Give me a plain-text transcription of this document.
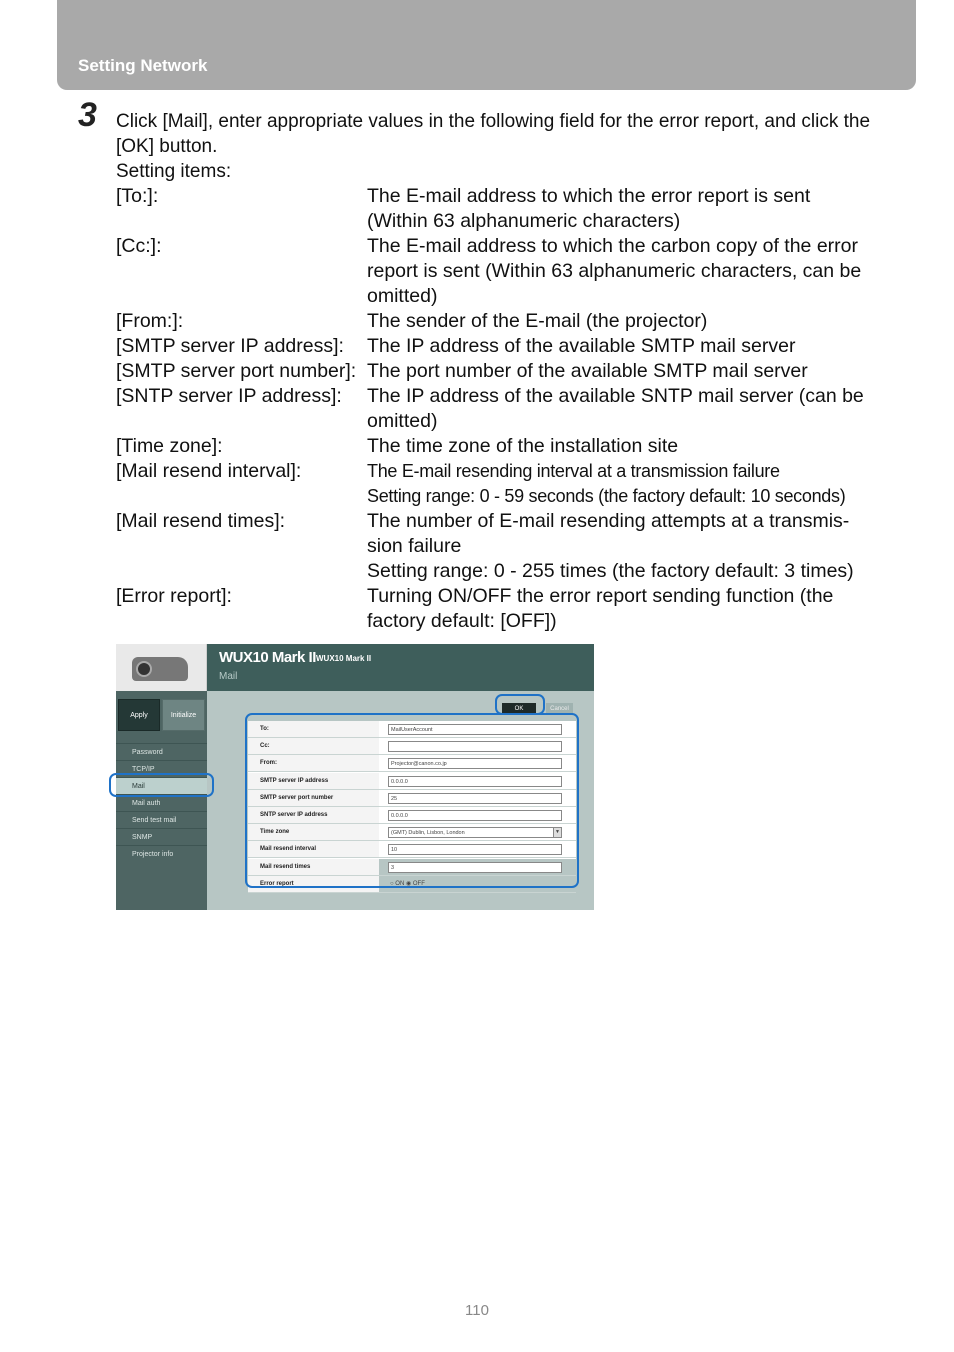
Setting Network
3 Click [Mail], enter appropriate values in the following field for the error report, and click the [OK] button.
Setting items:
[To:]:	The E-mail address to which the error report is sent
(Within 63 alphanumeric characters)
[Cc:]:	The E-mail address to which the carbon copy of the error
report is sent (Within 63 alphanumeric characters, can be
omitted)
[From:]:	The sender of the E-mail (the projector)
[SMTP server IP address]:	The IP address of the available SMTP mail server
[SMTP server port number]: The port number of the available SMTP mail server
[SNTP server IP address]:	The IP address of the available SNTP mail server (can be
omitted)
[Time zone]:	The time zone of the installation site
[Mail resend interval]:	The E-mail resending interval at a transmission failure
Setting range: 0 - 59 seconds (the factory default: 10 seconds)
[Mail resend times]:	The number of E-mail resending attempts at a transmis-
sion failure
Setting range: 0 - 255 times (the factory default: 3 times)
[Error report]:	Turning ON/OFF the error report sending function (the
factory default: [OFF])
WUX10 Mark II WUX10 Mark II
Mail
Apply	Initialize
Password
TCP/IP
Mail
Mail auth
Send test mail
SNMP
Projector info
OK	Cancel
To:	MailUserAccount
Cc:
From:	Projector@canon.co.jp
SMTP server IP address	0.0.0.0
SMTP server port number	25
SNTP server IP address	0.0.0.0
Time zone	(GMT) Dublin, Lisbon, London	▼
Mail resend interval	10
Mail resend times	3
Error report	○ ON ◉ OFF
110
